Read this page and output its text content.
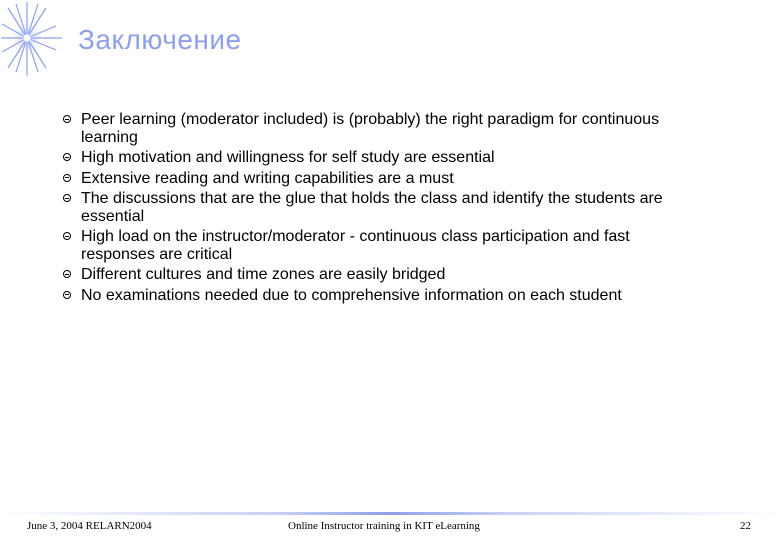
Заключение
Peer learning (moderator included) is (probably) the right paradigm for continuous learning
High motivation and willingness for self study are essential
Extensive reading and writing capabilities are a must
The discussions that are the glue that holds the class and identify the students are essential
High load on the instructor/moderator - continuous class participation and fast responses are critical
Different cultures and time zones are easily bridged
No examinations needed due to comprehensive information on each student
June 3, 2004 RELARN2004	Online Instructor training in KIT eLearning	22
